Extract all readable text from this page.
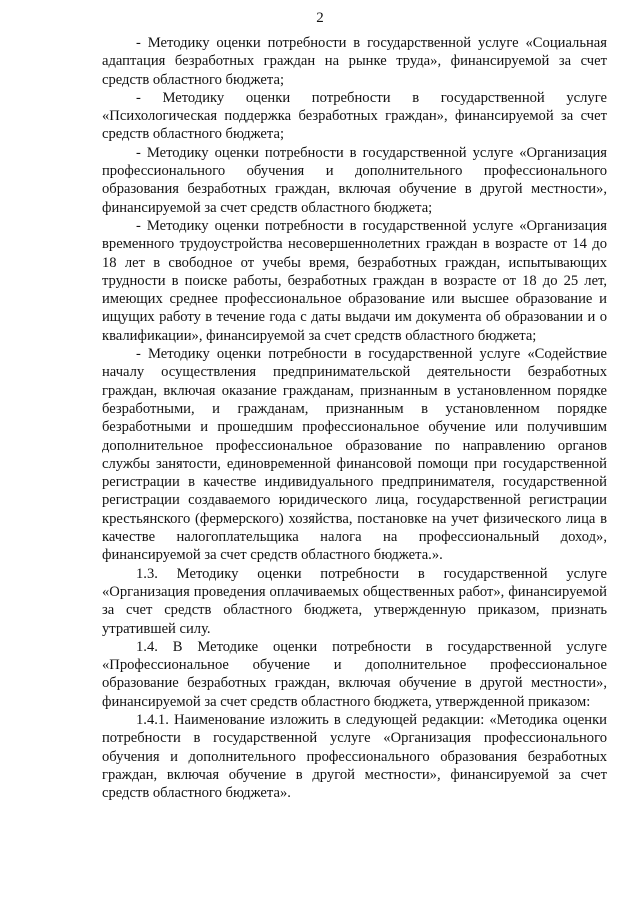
2

- Методику оценки потребности в государственной услуге «Социальная адаптация безработных граждан на рынке труда», финансируемой за счет средств областного бюджета;

- Методику оценки потребности в государственной услуге «Психологическая поддержка безработных граждан», финансируемой за счет средств областного бюджета;

- Методику оценки потребности в государственной услуге «Организация профессионального обучения и дополнительного профессионального образования безработных граждан, включая обучение в другой местности», финансируемой за счет средств областного бюджета;

- Методику оценки потребности в государственной услуге «Организация временного трудоустройства несовершеннолетних граждан в возрасте от 14 до 18 лет в свободное от учебы время, безработных граждан, испытывающих трудности в поиске работы, безработных граждан в возрасте от 18 до 25 лет, имеющих среднее профессиональное образование или высшее образование и ищущих работу в течение года с даты выдачи им документа об образовании и о квалификации», финансируемой за счет средств областного бюджета;

- Методику оценки потребности в государственной услуге «Содействие началу осуществления предпринимательской деятельности безработных граждан, включая оказание гражданам, признанным в установленном порядке безработными, и гражданам, признанным в установленном порядке безработными и прошедшим профессиональное обучение или получившим дополнительное профессиональное образование по направлению органов службы занятости, единовременной финансовой помощи при государственной регистрации в качестве индивидуального предпринимателя, государственной регистрации создаваемого юридического лица, государственной регистрации крестьянского (фермерского) хозяйства, постановке на учет физического лица в качестве налогоплательщика налога на профессиональный доход», финансируемой за счет средств областного бюджета.».

1.3. Методику оценки потребности в государственной услуге «Организация проведения оплачиваемых общественных работ», финансируемой за счет средств областного бюджета, утвержденную приказом, признать утратившей силу.

1.4. В Методике оценки потребности в государственной услуге «Профессиональное обучение и дополнительное профессиональное образование безработных граждан, включая обучение в другой местности», финансируемой за счет средств областного бюджета, утвержденной приказом:

1.4.1. Наименование изложить в следующей редакции: «Методика оценки потребности в государственной услуге «Организация профессионального обучения и дополнительного профессионального образования безработных граждан, включая обучение в другой местности», финансируемой за счет средств областного бюджета».
